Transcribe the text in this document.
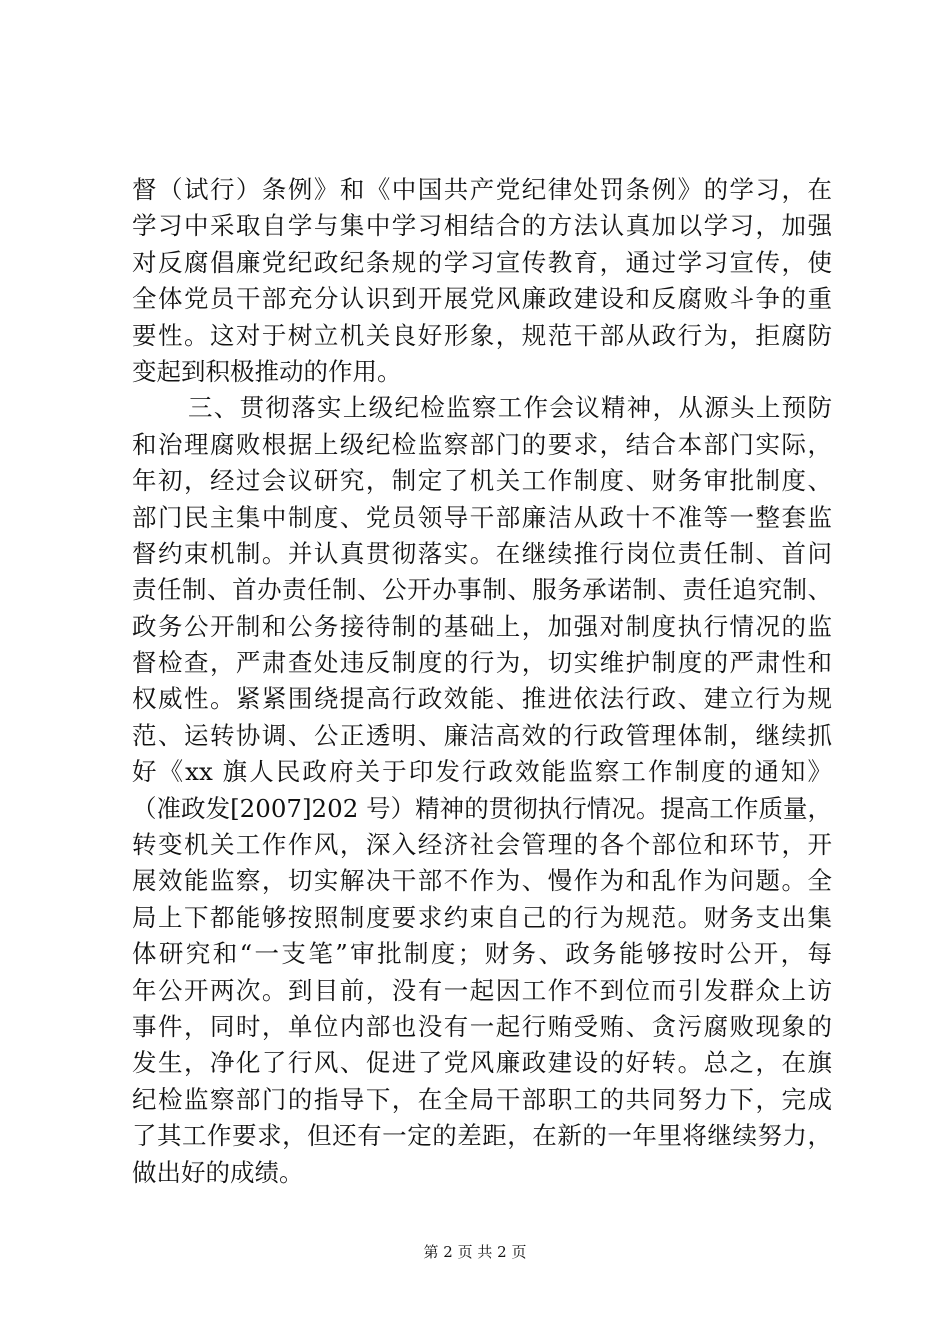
督（试行）条例》和《中国共产党纪律处罚条例》的学习，在
学习中采取自学与集中学习相结合的方法认真加以学习，加强
对反腐倡廉党纪政纪条规的学习宣传教育，通过学习宣传，使
全体党员干部充分认识到开展党风廉政建设和反腐败斗争的重
要性。这对于树立机关良好形象，规范干部从政行为，拒腐防
变起到积极推动的作用。
三、贯彻落实上级纪检监察工作会议精神，从源头上预防
和治理腐败根据上级纪检监察部门的要求，结合本部门实际，
年初，经过会议研究，制定了机关工作制度、财务审批制度、
部门民主集中制度、党员领导干部廉洁从政十不准等一整套监
督约束机制。并认真贯彻落实。在继续推行岗位责任制、首问
责任制、首办责任制、公开办事制、服务承诺制、责任追究制、
政务公开制和公务接待制的基础上，加强对制度执行情况的监
督检查，严肃查处违反制度的行为，切实维护制度的严肃性和
权威性。紧紧围绕提高行政效能、推进依法行政、建立行为规
范、运转协调、公正透明、廉洁高效的行政管理体制，继续抓
好《xx 旗人民政府关于印发行政效能监察工作制度的通知》
（准政发[2007]202 号）精神的贯彻执行情况。提高工作质量，
转变机关工作作风，深入经济社会管理的各个部位和环节，开
展效能监察，切实解决干部不作为、慢作为和乱作为问题。全
局上下都能够按照制度要求约束自己的行为规范。财务支出集
体研究和“一支笔”审批制度；财务、政务能够按时公开，每
年公开两次。到目前，没有一起因工作不到位而引发群众上访
事件，同时，单位内部也没有一起行贿受贿、贪污腐败现象的
发生，净化了行风、促进了党风廉政建设的好转。总之，在旗
纪检监察部门的指导下，在全局干部职工的共同努力下，完成
了其工作要求，但还有一定的差距，在新的一年里将继续努力，
做出好的成绩。
第 2 页 共 2 页
